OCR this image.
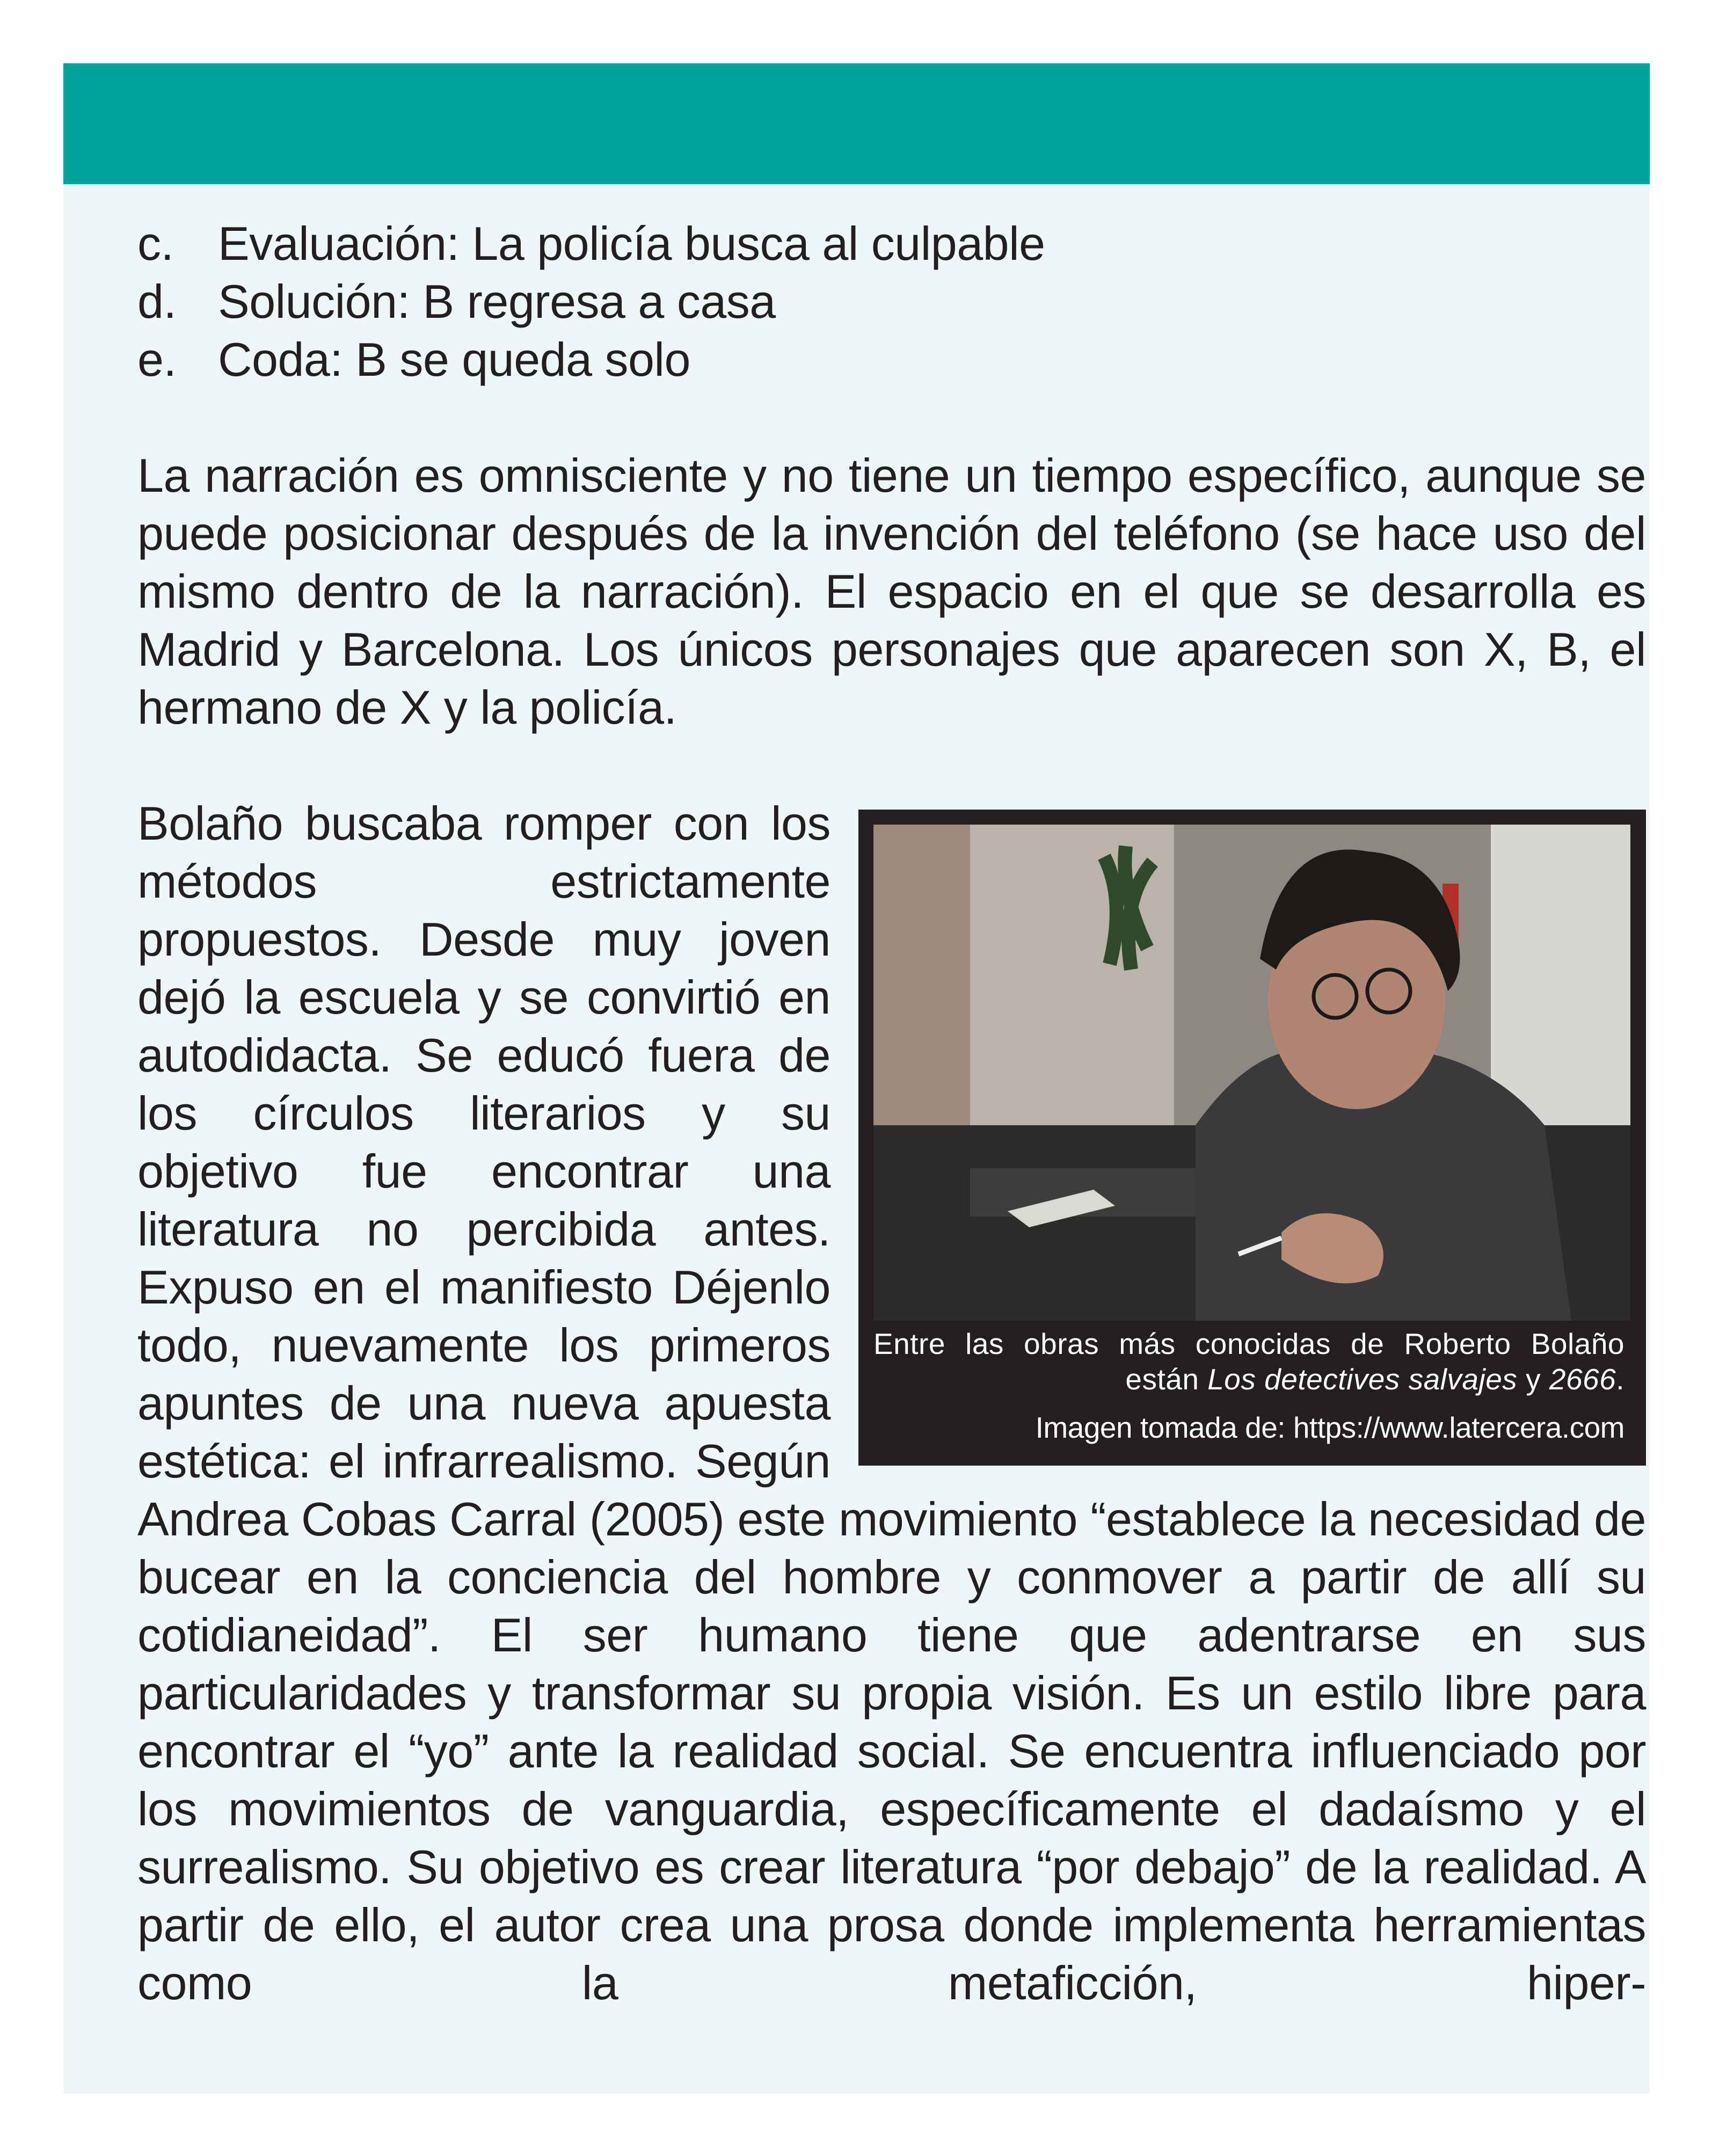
c. Evaluación: La policía busca al culpable
d. Solución: B regresa a casa
e. Coda: B se queda solo

La narración es omnisciente y no tiene un tiempo específico, aunque se puede posicionar después de la invención del teléfono (se hace uso del mismo dentro de la narración). El espacio en el que se desarrolla es Madrid y Barcelona. Los únicos personajes que aparecen son X, B, el hermano de X y la policía.

Entre las obras más conocidas de Roberto Bolaño están Los detectives salvajes y 2666.
Imagen tomada de: https://www.latercera.com

Bolaño buscaba romper con los métodos estrictamente propuestos. Desde muy joven dejó la escuela y se convirtió en autodidacta. Se educó fuera de los círculos literarios y su objetivo fue encontrar una literatura no percibida antes. Expuso en el manifiesto Déjenlo todo, nuevamente los primeros apuntes de una nueva apuesta estética: el infrarrealismo. Según Andrea Cobas Carral (2005) este movimiento “establece la necesidad de bucear en la conciencia del hombre y conmover a partir de allí su cotidianeidad”. El ser humano tiene que adentrarse en sus particularidades y transformar su propia visión. Es un estilo libre para encontrar el “yo” ante la realidad social. Se encuentra influenciado por los movimientos de vanguardia, específicamente el dadaísmo y el surrealismo. Su objetivo es crear literatura “por debajo” de la realidad. A partir de ello, el autor crea una prosa donde implementa herramientas como la metaficción, hiper-
